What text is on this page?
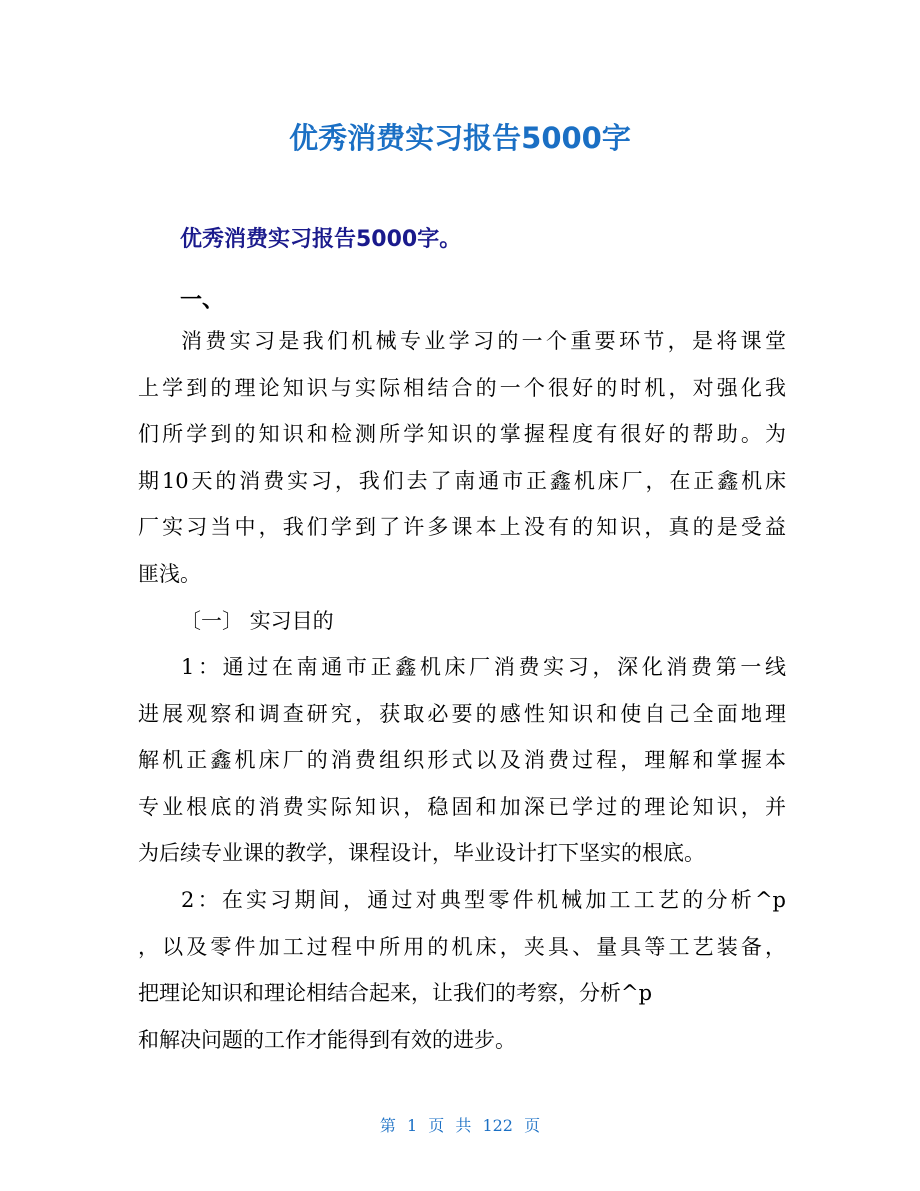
优秀消费实习报告5000字
优秀消费实习报告5000字。
一、
消费实习是我们机械专业学习的一个重要环节，是将课堂
上学到的理论知识与实际相结合的一个很好的时机，对强化我
们所学到的知识和检测所学知识的掌握程度有很好的帮助。为
期10天的消费实习，我们去了南通市正鑫机床厂，在正鑫机床
厂实习当中，我们学到了许多课本上没有的知识，真的是受益
匪浅。
〔一〕 实习目的
1：通过在南通市正鑫机床厂消费实习，深化消费第一线
进展观察和调查研究，获取必要的感性知识和使自己全面地理
解机正鑫机床厂的消费组织形式以及消费过程，理解和掌握本
专业根底的消费实际知识，稳固和加深已学过的理论知识，并
为后续专业课的教学，课程设计，毕业设计打下坚实的根底。
2：在实习期间，通过对典型零件机械加工工艺的分析^p
，以及零件加工过程中所用的机床，夹具、量具等工艺装备，
把理论知识和理论相结合起来，让我们的考察，分析^p
和解决问题的工作才能得到有效的进步。
第 1 页 共 122 页
